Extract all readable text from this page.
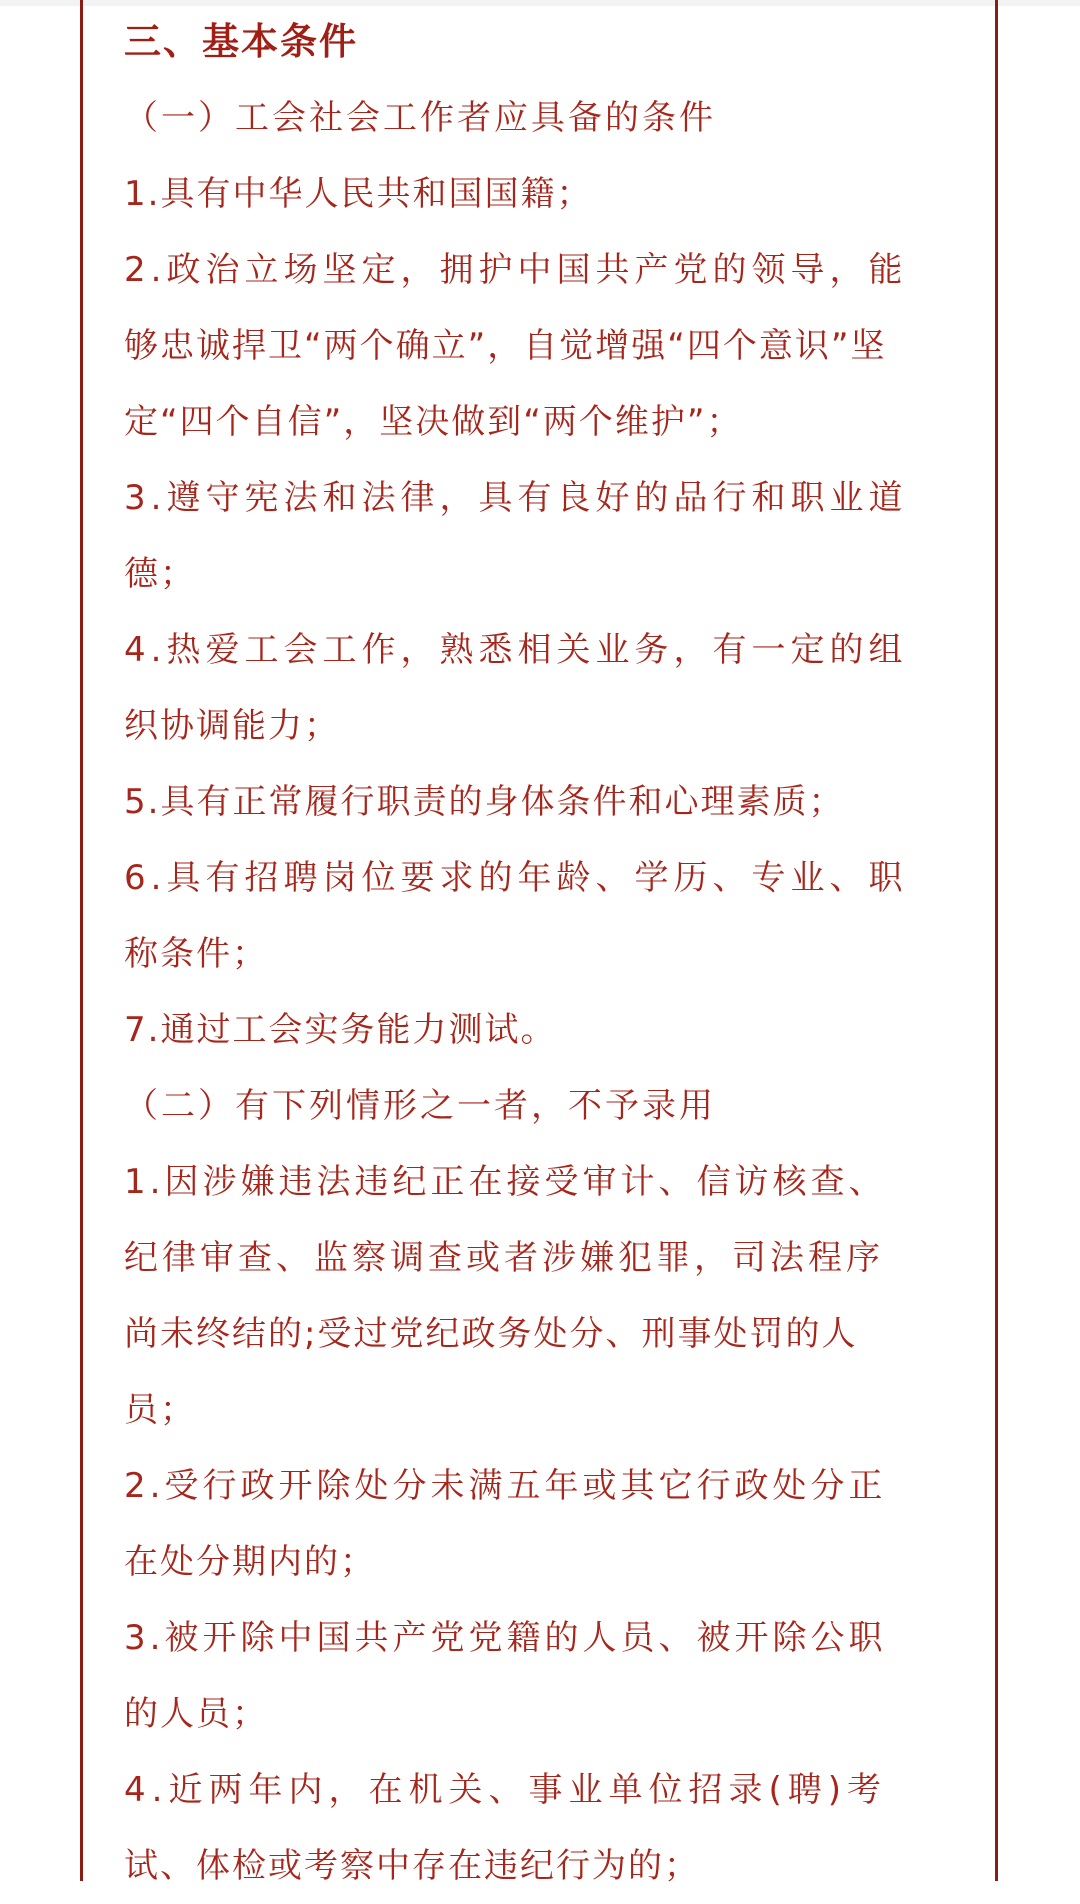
三、基本条件
（一）工会社会工作者应具备的条件

1.具有中华人民共和国国籍；

2.政治立场坚定，拥护中国共产党的领导，能
够忠诚捍卫“两个确立”，自觉增强“四个意识”坚
定“四个自信”，坚决做到“两个维护”；

3.遵守宪法和法律，具有良好的品行和职业道
德；

4.热爱工会工作，熟悉相关业务，有一定的组
织协调能力；

5.具有正常履行职责的身体条件和心理素质；

6.具有招聘岗位要求的年龄、学历、专业、职
称条件；

7.通过工会实务能力测试。

（二）有下列情形之一者，不予录用

1.因涉嫌违法违纪正在接受审计、信访核查、
纪律审查、监察调查或者涉嫌犯罪，司法程序
尚未终结的;受过党纪政务处分、刑事处罚的人
员；

2.受行政开除处分未满五年或其它行政处分正
在处分期内的；

3.被开除中国共产党党籍的人员、被开除公职
的人员；

4.近两年内，在机关、事业单位招录(聘)考
试、体检或考察中存在违纪行为的；
